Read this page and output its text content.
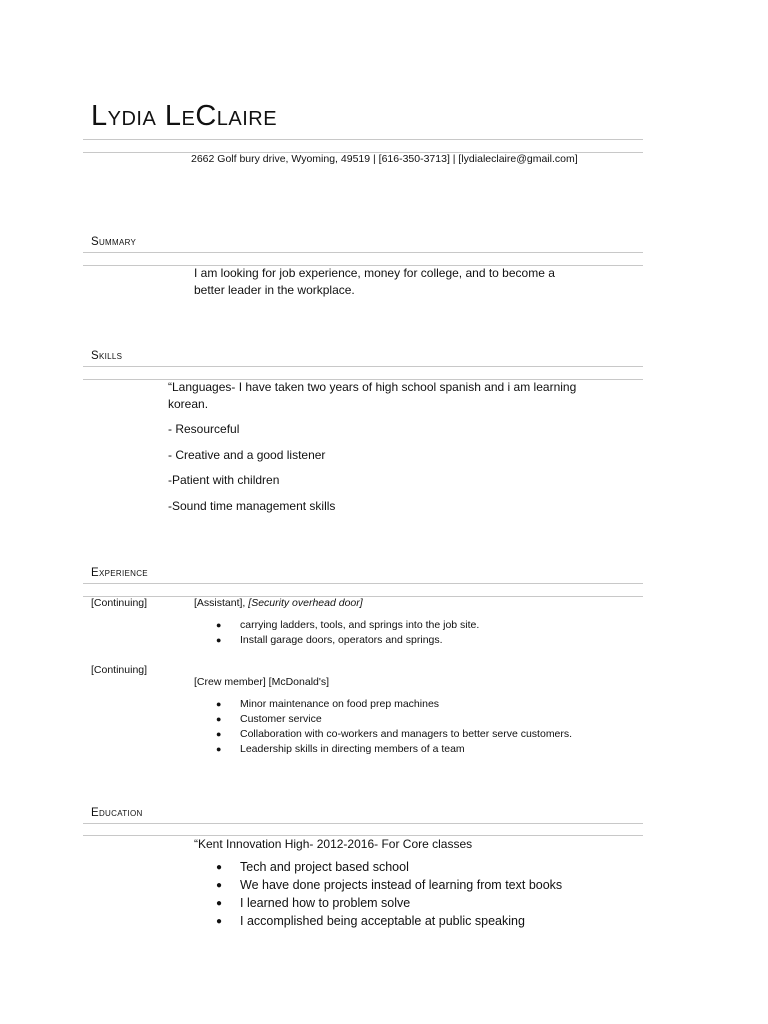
Lydia LeClaire
2662 Golf bury drive, Wyoming, 49519 | [616-350-3713] | [lydialeclaire@gmail.com]
Summary
I am looking for job experience, money for college, and to become a
better leader in the workplace.
Skills
“Languages- I have taken two years of high school spanish and i am learning
korean.
- Resourceful
- Creative and a good listener
-Patient with children
-Sound time management skills
Experience
[Continuing]	[Assistant], [Security overhead door]
● carrying ladders, tools, and springs into the job site.
● Install garage doors, operators and springs.
[Continuing]
[Crew member] [McDonald's]
● Minor maintenance on food prep machines
● Customer service
● Collaboration with co-workers and managers to better serve customers.
● Leadership skills in directing members of a team
Education
“Kent Innovation High- 2012-2016- For Core classes
● Tech and project based school
● We have done projects instead of learning from text books
● I learned how to problem solve
● I accomplished being acceptable at public speaking
